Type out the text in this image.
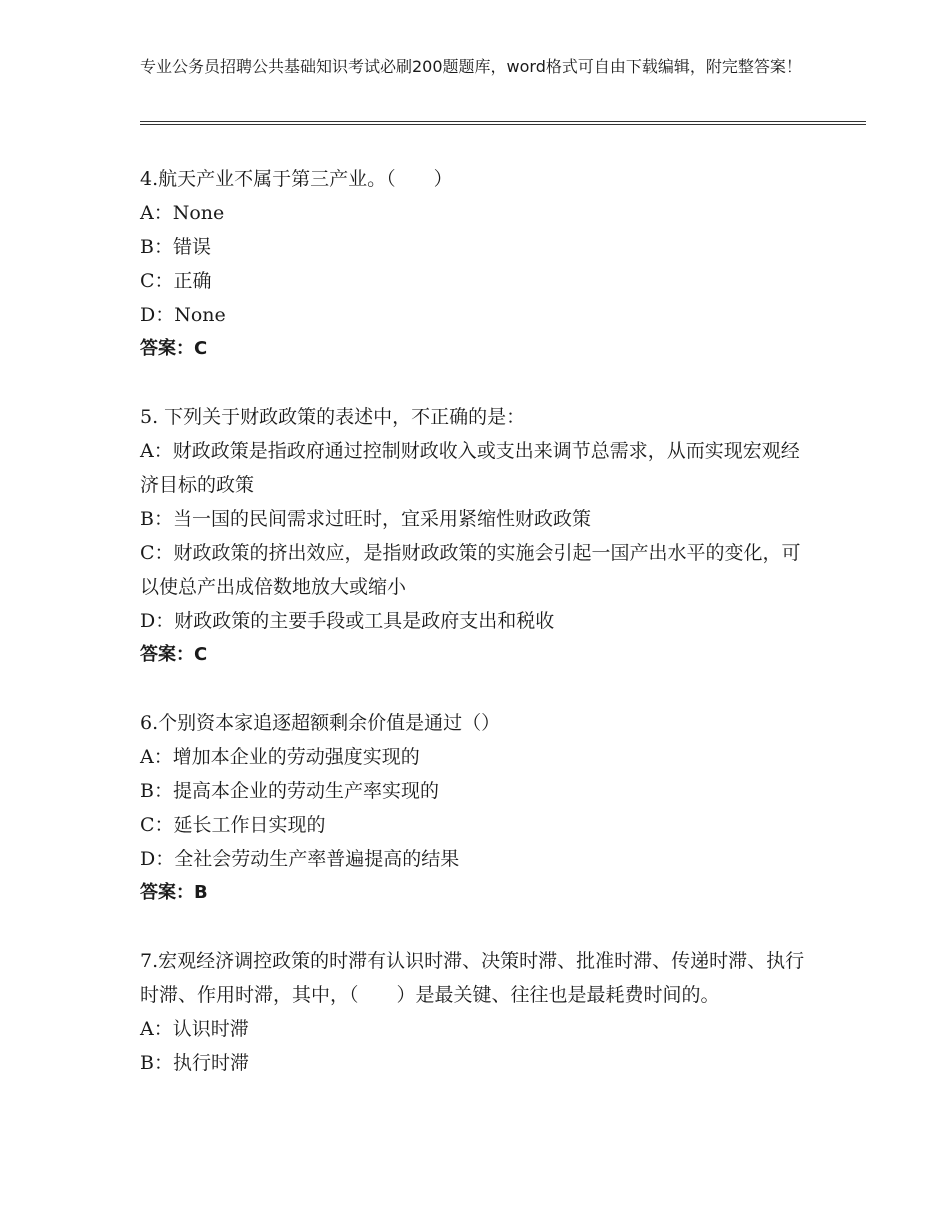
专业公务员招聘公共基础知识考试必刷200题题库，word格式可自由下载编辑，附完整答案！

4.航天产业不属于第三产业。（　　）

A：None

B：错误

C：正确

D：None

答案：C

5. 下列关于财政政策的表述中，不正确的是：

A：财政政策是指政府通过控制财政收入或支出来调节总需求，从而实现宏观经济目标的政策

B：当一国的民间需求过旺时，宜采用紧缩性财政政策

C：财政政策的挤出效应，是指财政政策的实施会引起一国产出水平的变化，可以使总产出成倍数地放大或缩小

D：财政政策的主要手段或工具是政府支出和税收

答案：C

6.个别资本家追逐超额剩余价值是通过（）

A：增加本企业的劳动强度实现的

B：提高本企业的劳动生产率实现的

C：延长工作日实现的

D：全社会劳动生产率普遍提高的结果

答案：B

7.宏观经济调控政策的时滞有认识时滞、决策时滞、批准时滞、传递时滞、执行时滞、作用时滞，其中，（　　）是最关键、往往也是最耗费时间的。

A：认识时滞

B：执行时滞
